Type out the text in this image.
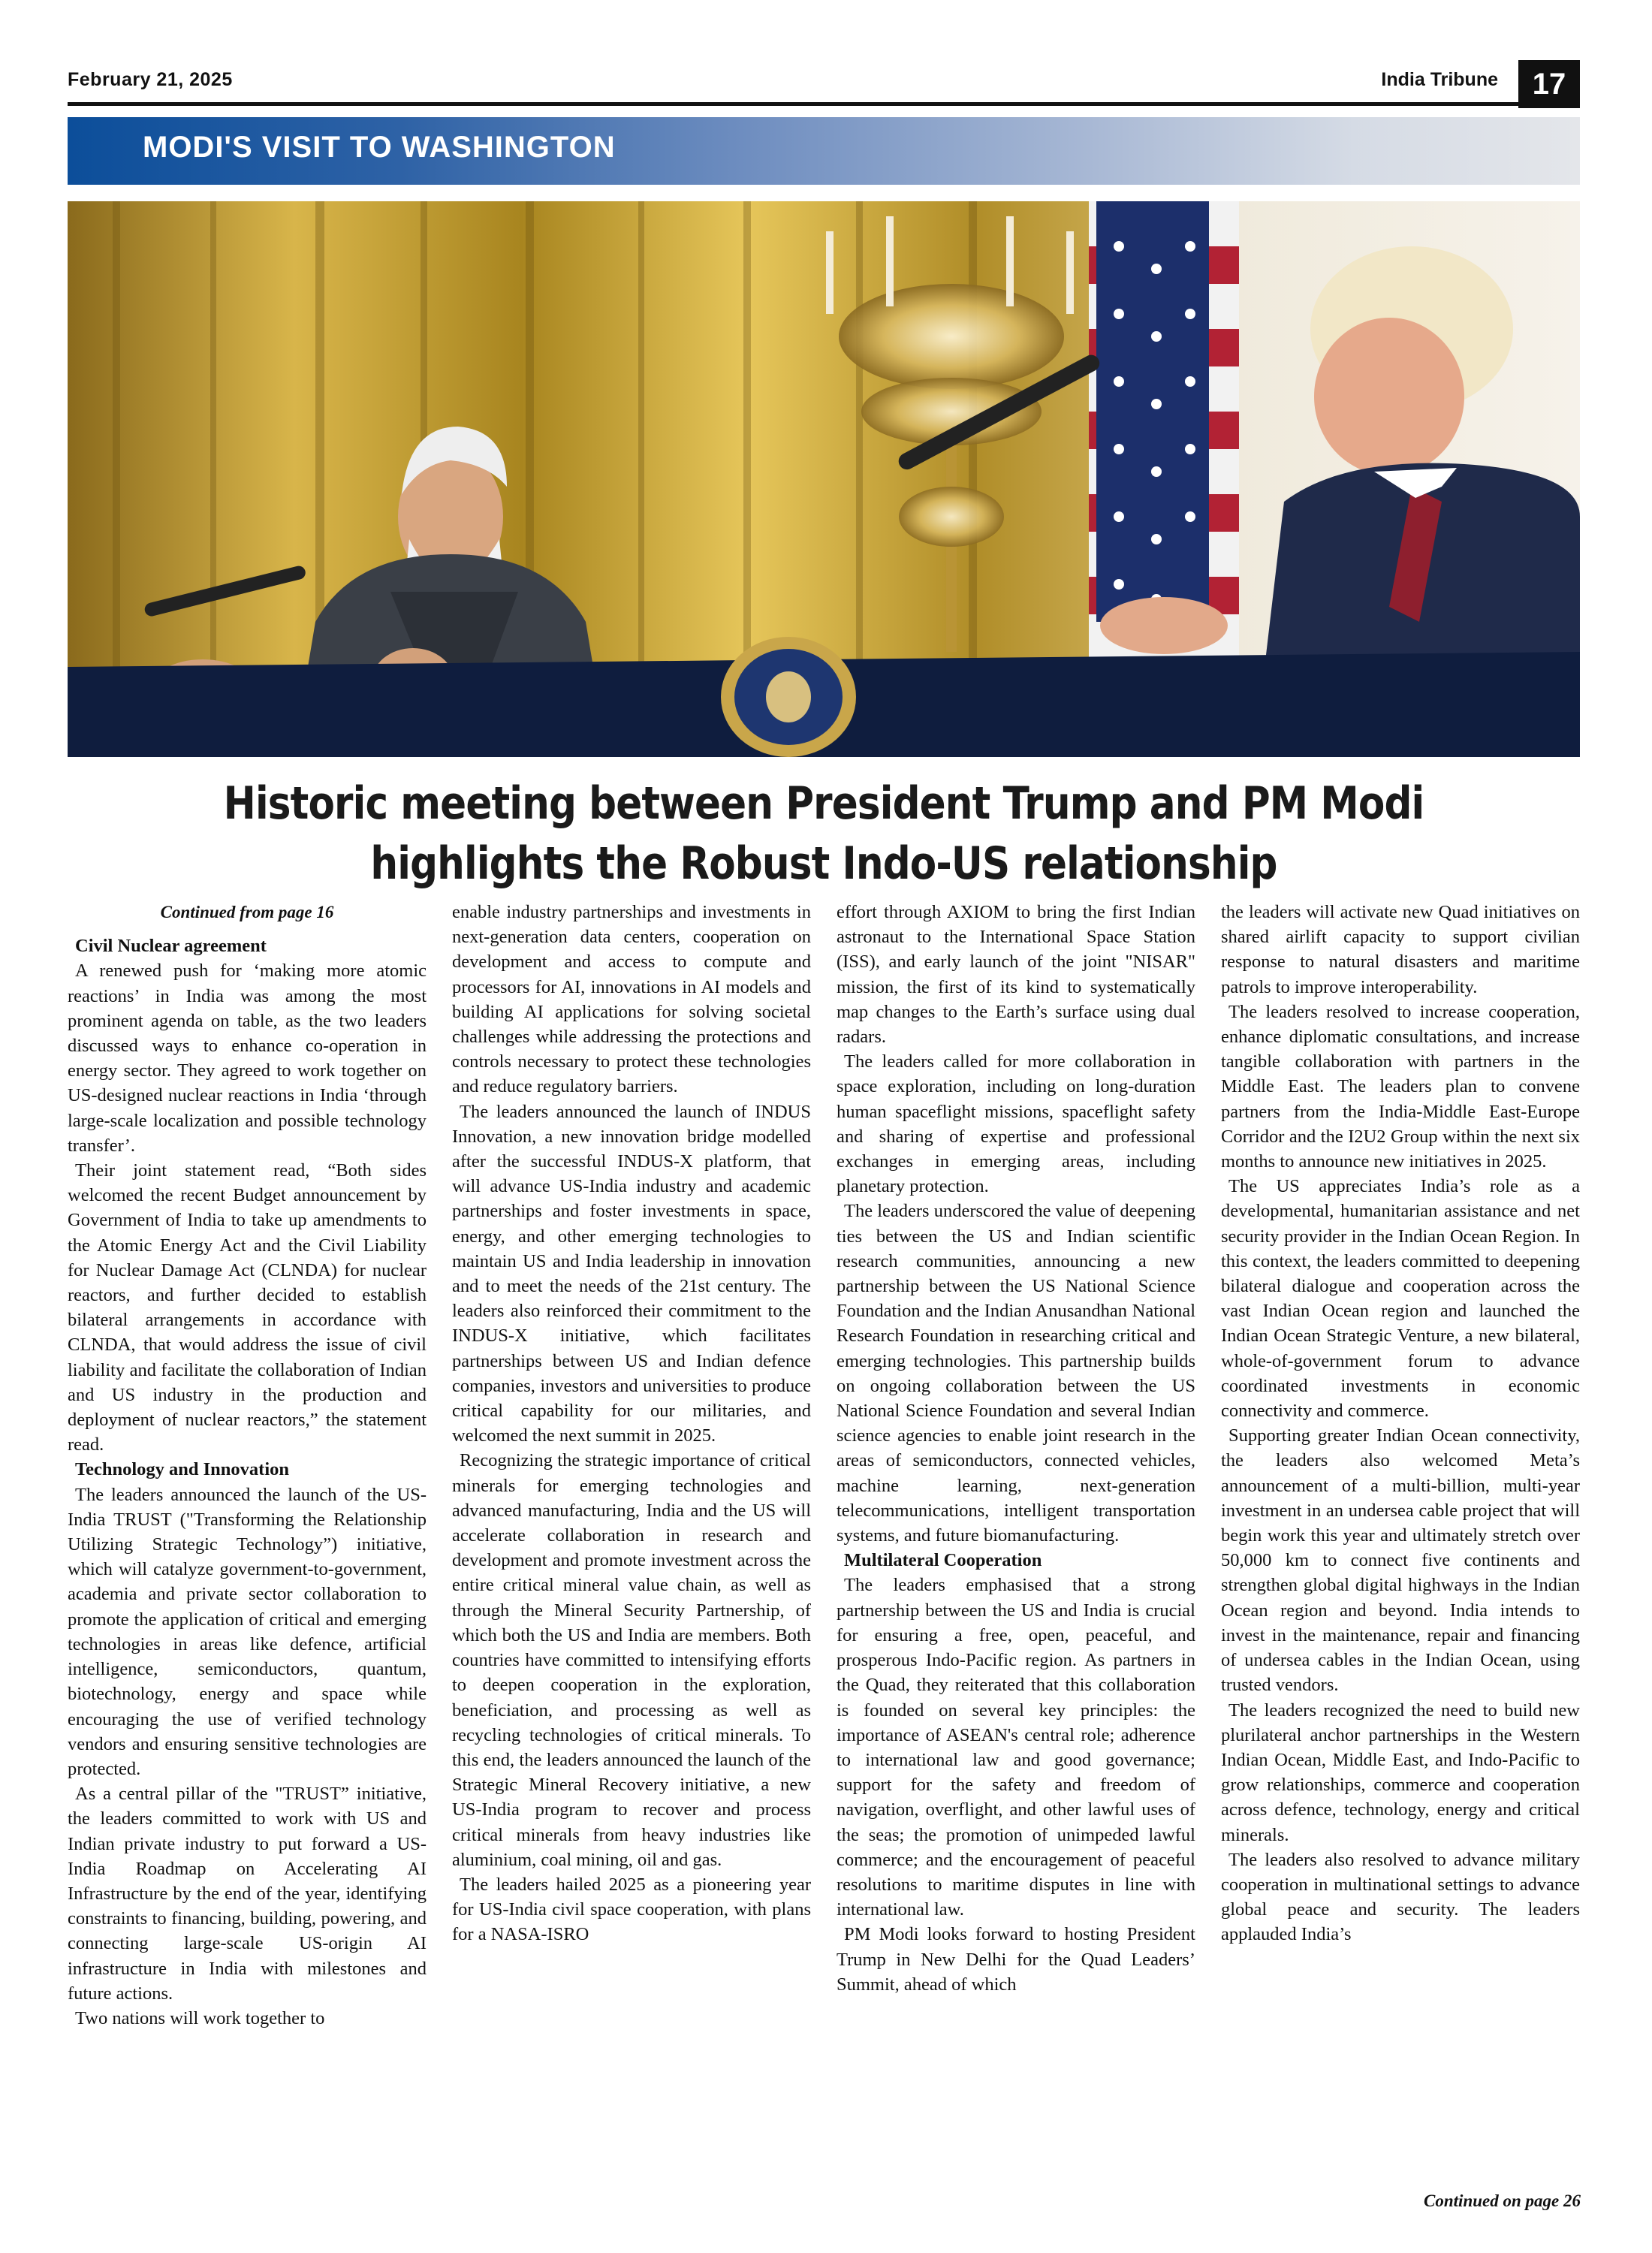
February 21, 2025	India Tribune	17
MODI'S VISIT TO WASHINGTON
Historic meeting between President Trump and PM Modi
highlights the Robust Indo-US relationship

Continued from page 16

Civil Nuclear agreement

A renewed push for ‘making more atomic reactions’ in India was among the most prominent agenda on table, as the two leaders discussed ways to enhance co-operation in energy sector. They agreed to work together on US-designed nuclear reactions in India ‘through large-scale localization and possible technology transfer’.

Their joint statement read, “Both sides welcomed the recent Budget announcement by Government of India to take up amendments to the Atomic Energy Act and the Civil Liability for Nuclear Damage Act (CLNDA) for nuclear reactors, and further decided to establish bilateral arrangements in accordance with CLNDA, that would address the issue of civil liability and facilitate the collaboration of Indian and US industry in the production and deployment of nuclear reactors,” the statement read.

Technology and Innovation

The leaders announced the launch of the US-India TRUST ("Transforming the Relationship Utilizing Strategic Technology”) initiative, which will catalyze government-to-government, academia and private sector collaboration to promote the application of critical and emerging technologies in areas like defence, artificial intelligence, semiconductors, quantum, biotechnology, energy and space while encouraging the use of verified technology vendors and ensuring sensitive technologies are protected.

As a central pillar of the "TRUST” initiative, the leaders committed to work with US and Indian private industry to put forward a US-India Roadmap on Accelerating AI Infrastructure by the end of the year, identifying constraints to financing, building, powering, and connecting large-scale US-origin AI infrastructure in India with milestones and future actions.

Two nations will work together to

enable industry partnerships and investments in next-generation data centers, cooperation on development and access to compute and processors for AI, innovations in AI models and building AI applications for solving societal challenges while addressing the protections and controls necessary to protect these technologies and reduce regulatory barriers.

The leaders announced the launch of INDUS Innovation, a new innovation bridge modelled after the successful INDUS-X platform, that will advance US-India industry and academic partnerships and foster investments in space, energy, and other emerging technologies to maintain US and India leadership in innovation and to meet the needs of the 21st century. The leaders also reinforced their commitment to the INDUS-X initiative, which facilitates partnerships between US and Indian defence companies, investors and universities to produce critical capability for our militaries, and welcomed the next summit in 2025.

Recognizing the strategic importance of critical minerals for emerging technologies and advanced manufacturing, India and the US will accelerate collaboration in research and development and promote investment across the entire critical mineral value chain, as well as through the Mineral Security Partnership, of which both the US and India are members. Both countries have committed to intensifying efforts to deepen cooperation in the exploration, beneficiation, and processing as well as recycling technologies of critical minerals. To this end, the leaders announced the launch of the Strategic Mineral Recovery initiative, a new US-India program to recover and process critical minerals from heavy industries like aluminium, coal mining, oil and gas.

The leaders hailed 2025 as a pioneering year for US-India civil space cooperation, with plans for a NASA-ISRO

effort through AXIOM to bring the first Indian astronaut to the International Space Station (ISS), and early launch of the joint "NISAR" mission, the first of its kind to systematically map changes to the Earth’s surface using dual radars.

The leaders called for more collaboration in space exploration, including on long-duration human spaceflight missions, spaceflight safety and sharing of expertise and professional exchanges in emerging areas, including planetary protection.

The leaders underscored the value of deepening ties between the US and Indian scientific research communities, announcing a new partnership between the US National Science Foundation and the Indian Anusandhan National Research Foundation in researching critical and emerging technologies. This partnership builds on ongoing collaboration between the US National Science Foundation and several Indian science agencies to enable joint research in the areas of semiconductors, connected vehicles, machine learning, next-generation telecommunications, intelligent transportation systems, and future biomanufacturing.

Multilateral Cooperation

The leaders emphasised that a strong partnership between the US and India is crucial for ensuring a free, open, peaceful, and prosperous Indo-Pacific region. As partners in the Quad, they reiterated that this collaboration is founded on several key principles: the importance of ASEAN's central role; adherence to international law and good governance; support for the safety and freedom of navigation, overflight, and other lawful uses of the seas; the promotion of unimpeded lawful commerce; and the encouragement of peaceful resolutions to maritime disputes in line with international law.

PM Modi looks forward to hosting President Trump in New Delhi for the Quad Leaders’ Summit, ahead of which

the leaders will activate new Quad initiatives on shared airlift capacity to support civilian response to natural disasters and maritime patrols to improve interoperability.

The leaders resolved to increase cooperation, enhance diplomatic consultations, and increase tangible collaboration with partners in the Middle East. The leaders plan to convene partners from the India-Middle East-Europe Corridor and the I2U2 Group within the next six months to announce new initiatives in 2025.

The US appreciates India’s role as a developmental, humanitarian assistance and net security provider in the Indian Ocean Region. In this context, the leaders committed to deepening bilateral dialogue and cooperation across the vast Indian Ocean region and launched the Indian Ocean Strategic Venture, a new bilateral, whole-of-government forum to advance coordinated investments in economic connectivity and commerce.

Supporting greater Indian Ocean connectivity, the leaders also welcomed Meta’s announcement of a multi-billion, multi-year investment in an undersea cable project that will begin work this year and ultimately stretch over 50,000 km to connect five continents and strengthen global digital highways in the Indian Ocean region and beyond. India intends to invest in the maintenance, repair and financing of undersea cables in the Indian Ocean, using trusted vendors.

The leaders recognized the need to build new plurilateral anchor partnerships in the Western Indian Ocean, Middle East, and Indo-Pacific to grow relationships, commerce and cooperation across defence, technology, energy and critical minerals.

The leaders also resolved to advance military cooperation in multinational settings to advance global peace and security. The leaders applauded India’s

Continued on page 26
